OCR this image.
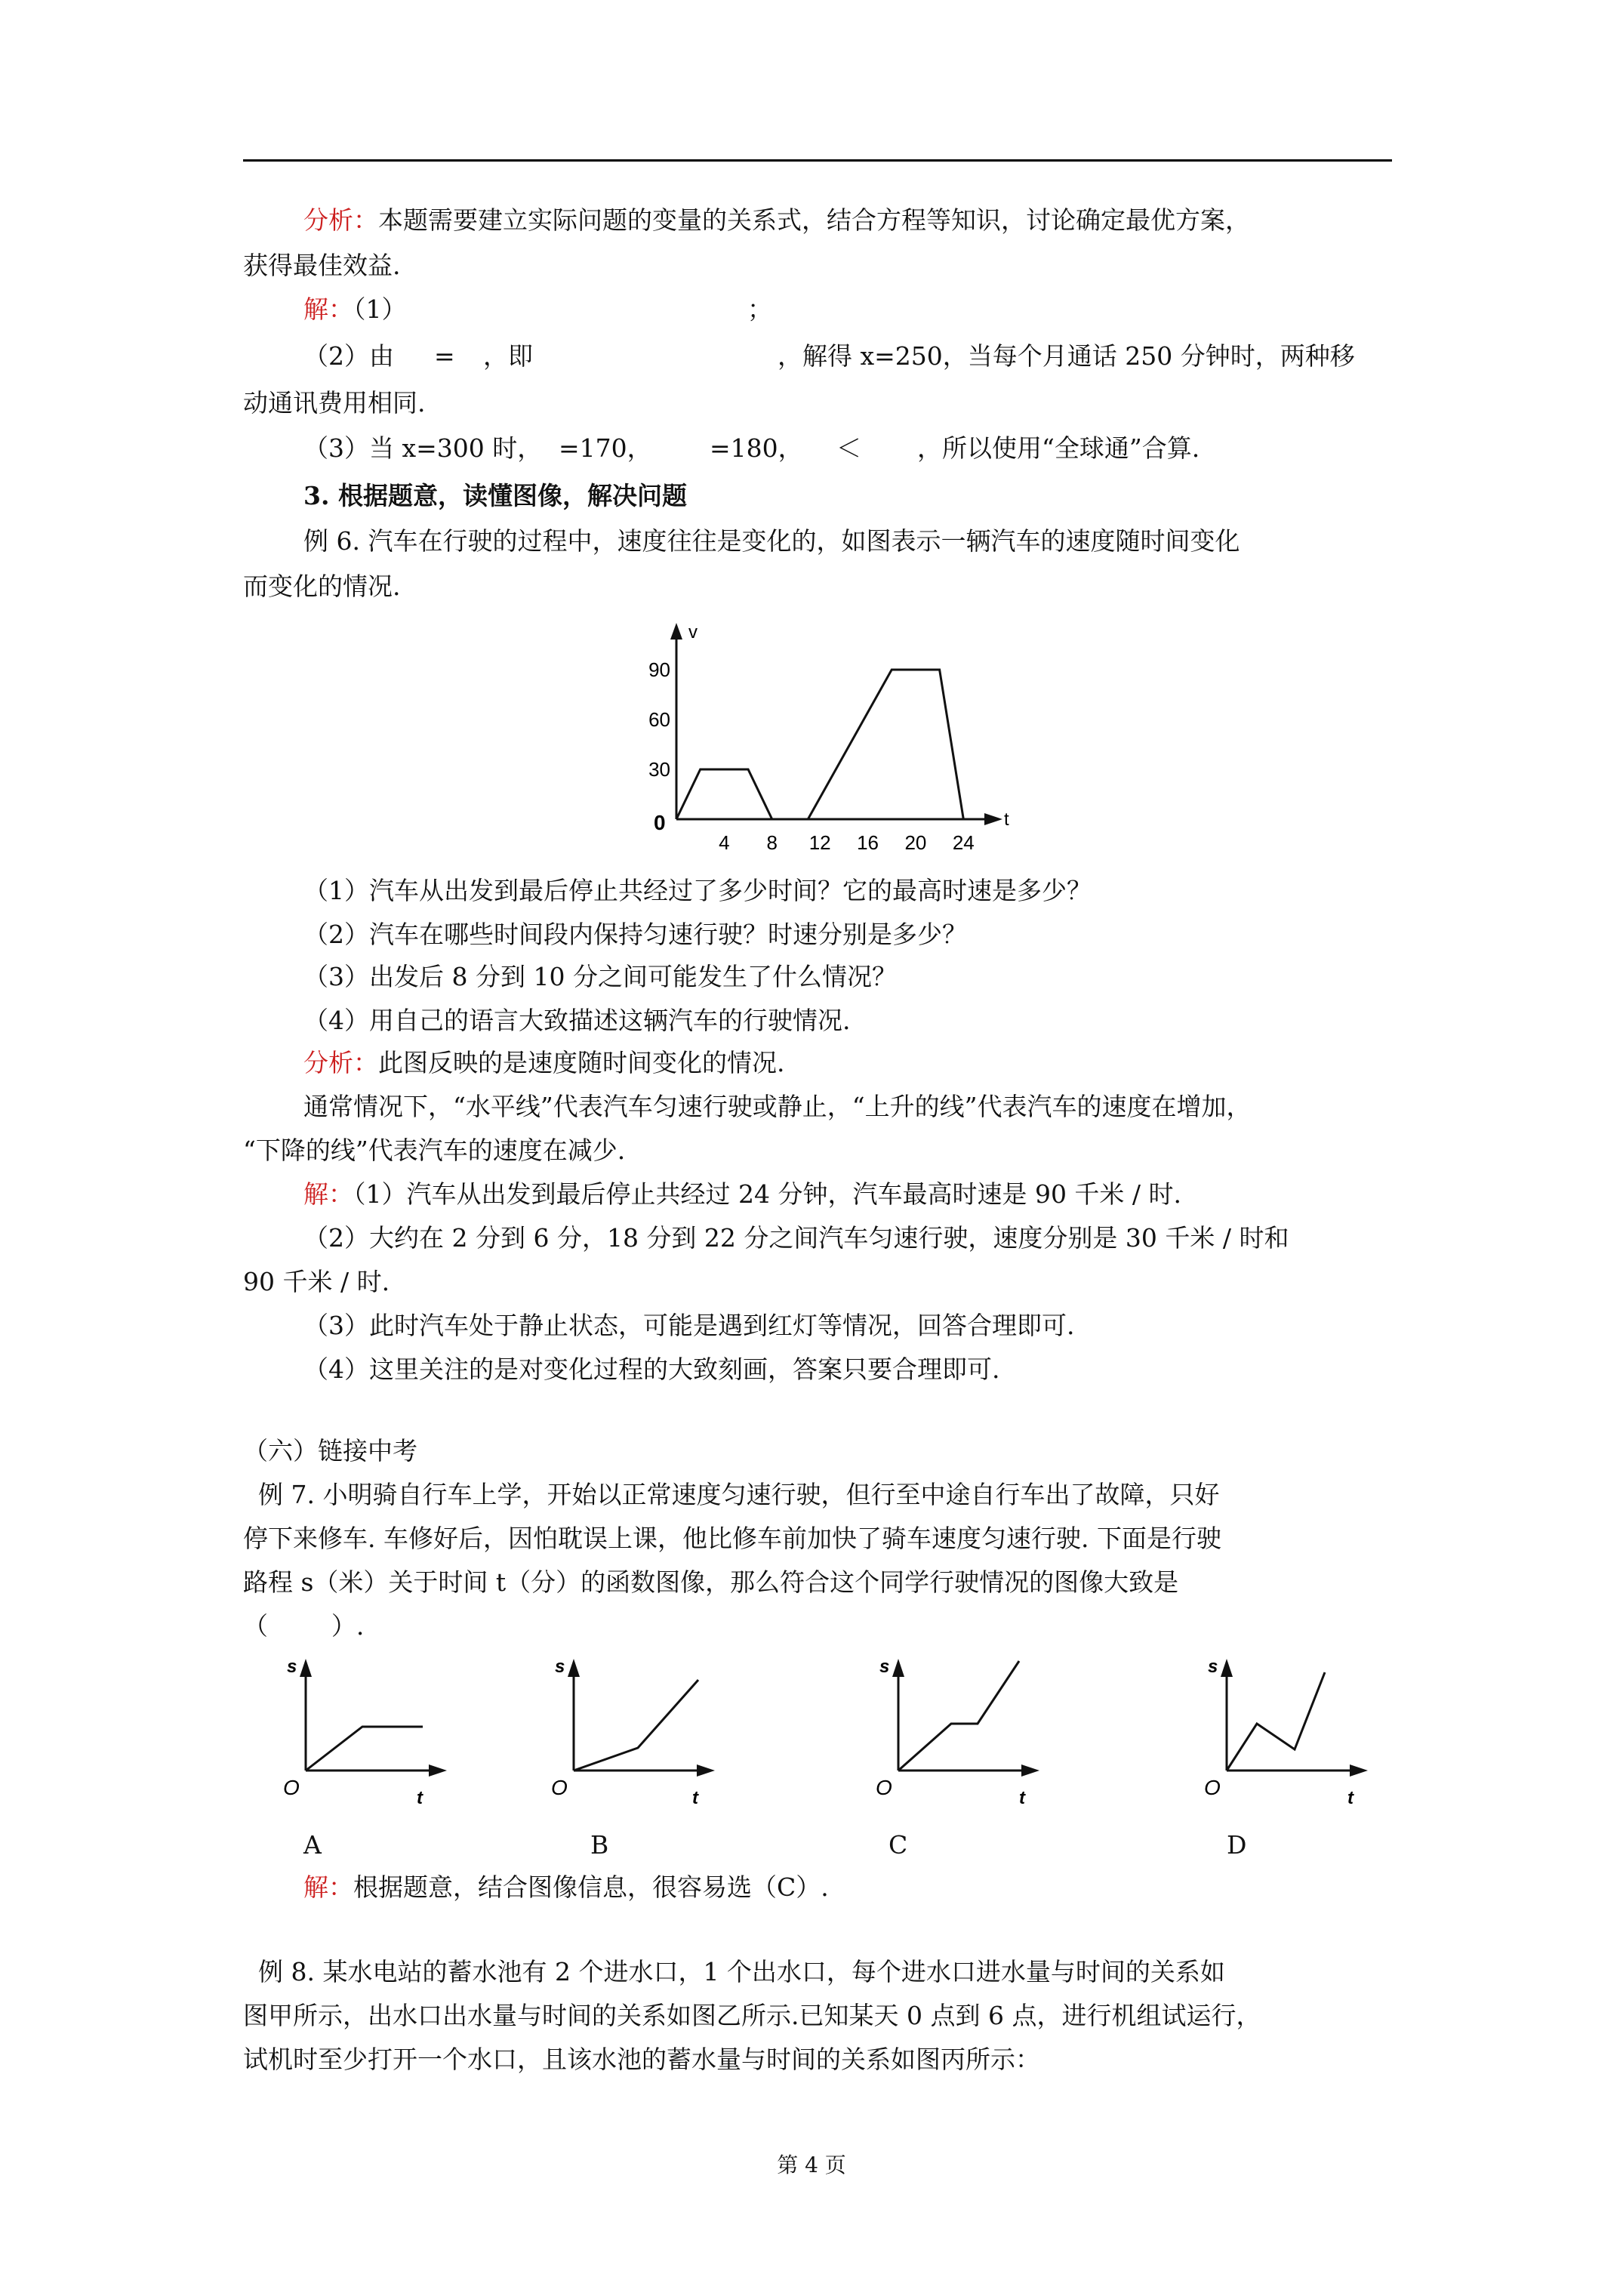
分析：本题需要建立实际问题的变量的关系式，结合方程等知识，讨论确定最优方案，
获得最佳效益.
解：（1）	；
（2）由 = ，即	，解得 x=250，当每个月通话 250 分钟时，两种移
动通讯费用相同.
（3）当 x=300 时， =170， =180， ＜ ，所以使用“全球通”合算.
3. 根据题意，读懂图像，解决问题
例 6. 汽车在行驶的过程中，速度往往是变化的，如图表示一辆汽车的速度随时间变化
而变化的情况.
v
t
0
4 8 12 16 20 24
30
60
90
（1）汽车从出发到最后停止共经过了多少时间？它的最高时速是多少？
（2）汽车在哪些时间段内保持匀速行驶？时速分别是多少？
（3）出发后 8 分到 10 分之间可能发生了什么情况？
（4）用自己的语言大致描述这辆汽车的行驶情况.
分析：此图反映的是速度随时间变化的情况.
通常情况下，“水平线”代表汽车匀速行驶或静止，“上升的线”代表汽车的速度在增加，
“下降的线”代表汽车的速度在减少.
解：（1）汽车从出发到最后停止共经过 24 分钟，汽车最高时速是 90 千米 / 时.
（2）大约在 2 分到 6 分，18 分到 22 分之间汽车匀速行驶，速度分别是 30 千米 / 时和
90 千米 / 时.
（3）此时汽车处于静止状态，可能是遇到红灯等情况，回答合理即可.
（4）这里关注的是对变化过程的大致刻画，答案只要合理即可.
（六）链接中考
例 7. 小明骑自行车上学，开始以正常速度匀速行驶，但行至中途自行车出了故障，只好
停下来修车. 车修好后，因怕耽误上课，他比修车前加快了骑车速度匀速行驶. 下面是行驶
路程 s（米）关于时间 t（分）的函数图像，那么符合这个同学行驶情况的图像大致是
（        ）.
s
t
O
s
t
O
s
t
O
s
t
O
A	B	C	D
解：根据题意，结合图像信息，很容易选（C）.
例 8. 某水电站的蓄水池有 2 个进水口，1 个出水口，每个进水口进水量与时间的关系如
图甲所示，出水口出水量与时间的关系如图乙所示.已知某天 0 点到 6 点，进行机组试运行，
试机时至少打开一个水口，且该水池的蓄水量与时间的关系如图丙所示：
第 4 页
